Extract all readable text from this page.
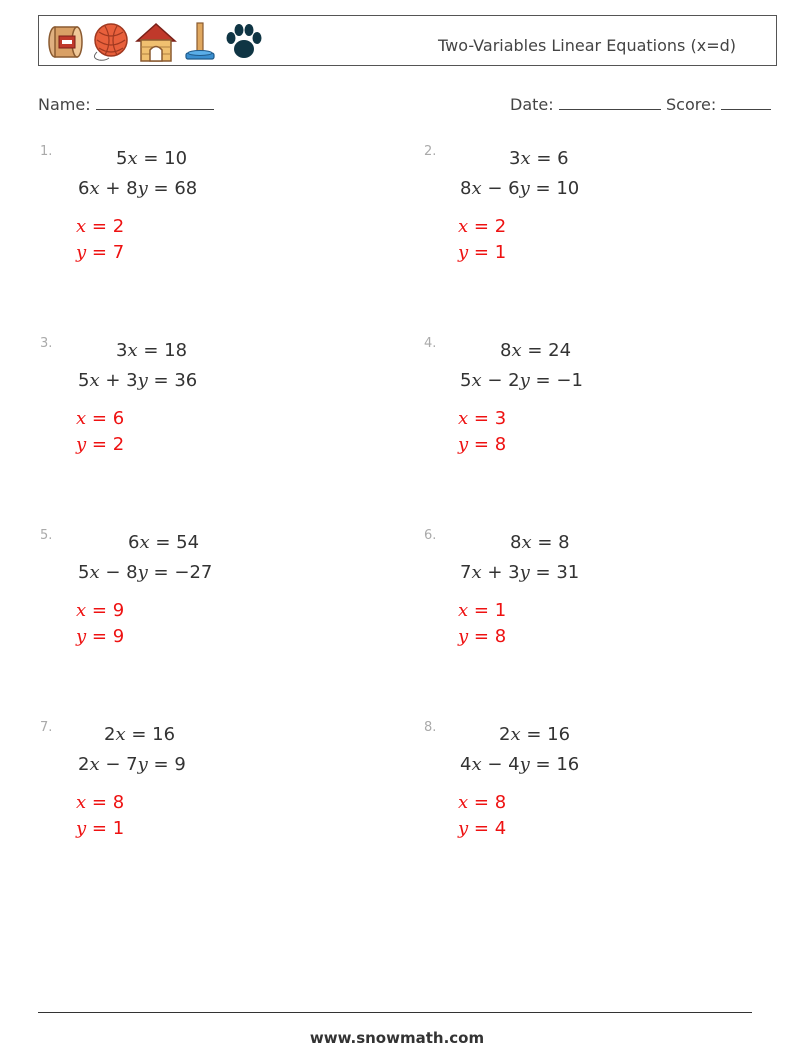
Two-Variables Linear Equations (x=d)
Name:	Date:	Score:
1.	5x = 10
6x + 8y = 68
x = 2
y = 7
2.	3x = 6
8x − 6y = 10
x = 2
y = 1
3.	3x = 18
5x + 3y = 36
x = 6
y = 2
4.	8x = 24
5x − 2y = −1
x = 3
y = 8
5.	6x = 54
5x − 8y = −27
x = 9
y = 9
6.	8x = 8
7x + 3y = 31
x = 1
y = 8
7.	2x = 16
2x − 7y = 9
x = 8
y = 1
8.	2x = 16
4x − 4y = 16
x = 8
y = 4
www.snowmath.com
